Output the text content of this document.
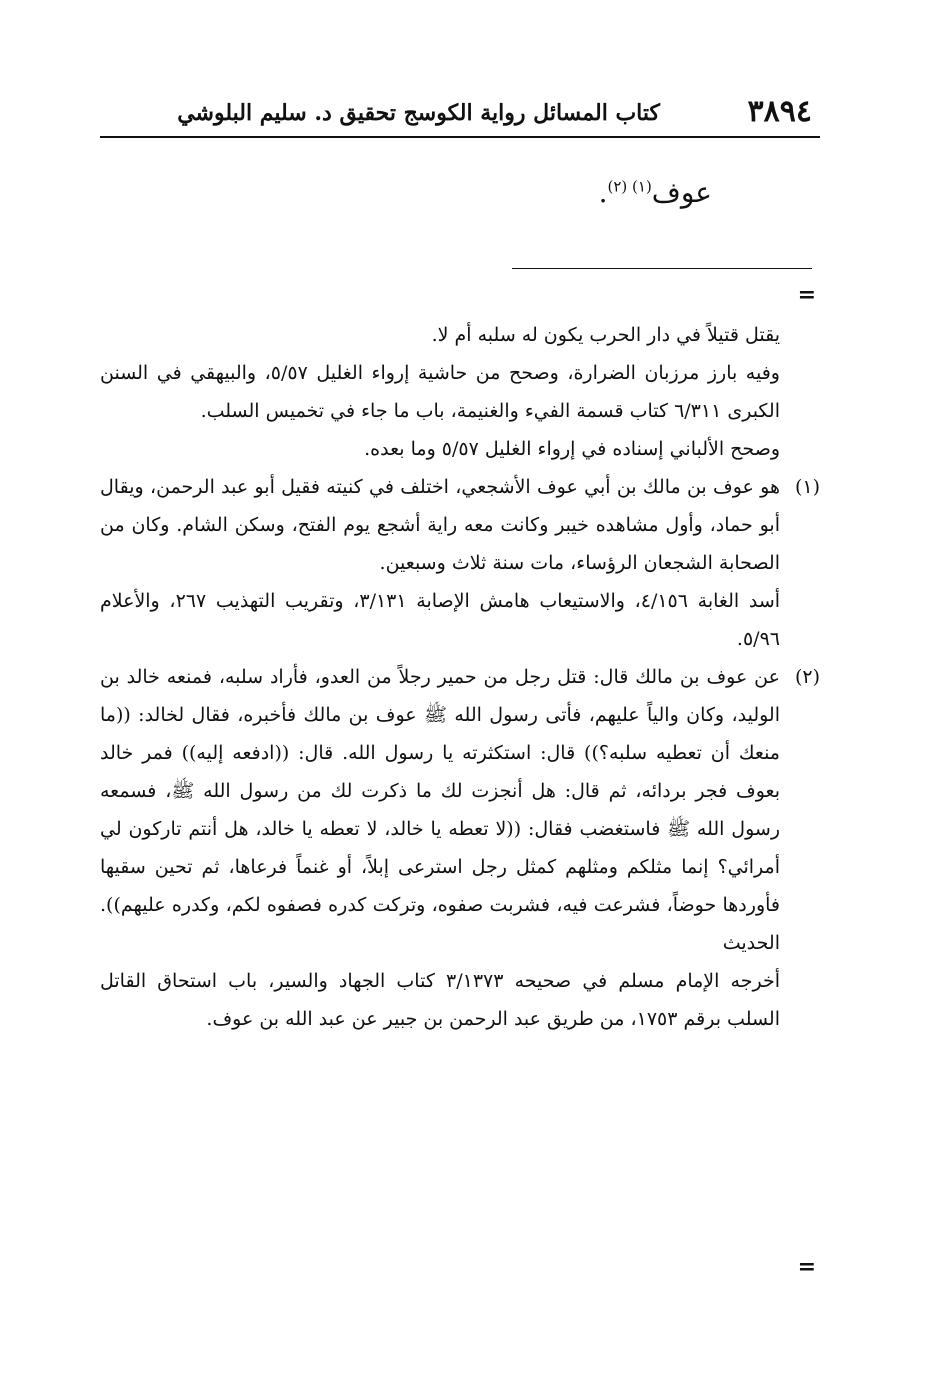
٣٨٩٤
كتاب المسائل رواية الكوسج تحقيق د. سليم البلوشي
عوف$^{(١) (٢)}$.
=

يقتل قتيلاً في دار الحرب يكون له سلبه أم لا.

وفيه بارز مرزبان الضرارة، وصحح من حاشية إرواء الغليل ٥/٥٧، والبيهقي في السنن الكبرى ٦/٣١١ كتاب قسمة الفيء والغنيمة، باب ما جاء في تخميس السلب.

وصحح الألباني إسناده في إرواء الغليل ٥/٥٧ وما بعده.

(١)

هو عوف بن مالك بن أبي عوف الأشجعي، اختلف في كنيته فقيل أبو عبد الرحمن، ويقال أبو حماد، وأول مشاهده خيبر وكانت معه راية أشجع يوم الفتح، وسكن الشام. وكان من الصحابة الشجعان الرؤساء، مات سنة ثلاث وسبعين.

أسد الغابة ٤/١٥٦، والاستيعاب هامش الإصابة ٣/١٣١، وتقريب التهذيب ٢٦٧، والأعلام ٥/٩٦.

(٢)

عن عوف بن مالك قال: قتل رجل من حمير رجلاً من العدو، فأراد سلبه، فمنعه خالد بن الوليد، وكان والياً عليهم، فأتى رسول الله ﷺ عوف بن مالك فأخبره، فقال لخالد: ((ما منعك أن تعطيه سلبه؟)) قال: استكثرته يا رسول الله. قال: ((ادفعه إليه)) فمر خالد بعوف فجر بردائه، ثم قال: هل أنجزت لك ما ذكرت لك من رسول الله ﷺ، فسمعه رسول الله ﷺ فاستغضب فقال: ((لا تعطه يا خالد، لا تعطه يا خالد، هل أنتم تاركون لي أمرائي؟ إنما مثلكم ومثلهم كمثل رجل استرعى إبلاً، أو غنماً فرعاها، ثم تحين سقيها فأوردها حوضاً، فشرعت فيه، فشربت صفوه، وتركت كدره فصفوه لكم، وكدره عليهم)). الحديث

أخرجه الإمام مسلم في صحيحه ٣/١٣٧٣ كتاب الجهاد والسير، باب استحاق القاتل السلب برقم ١٧٥٣، من طريق عبد الرحمن بن جبير عن عبد الله بن عوف.

=
